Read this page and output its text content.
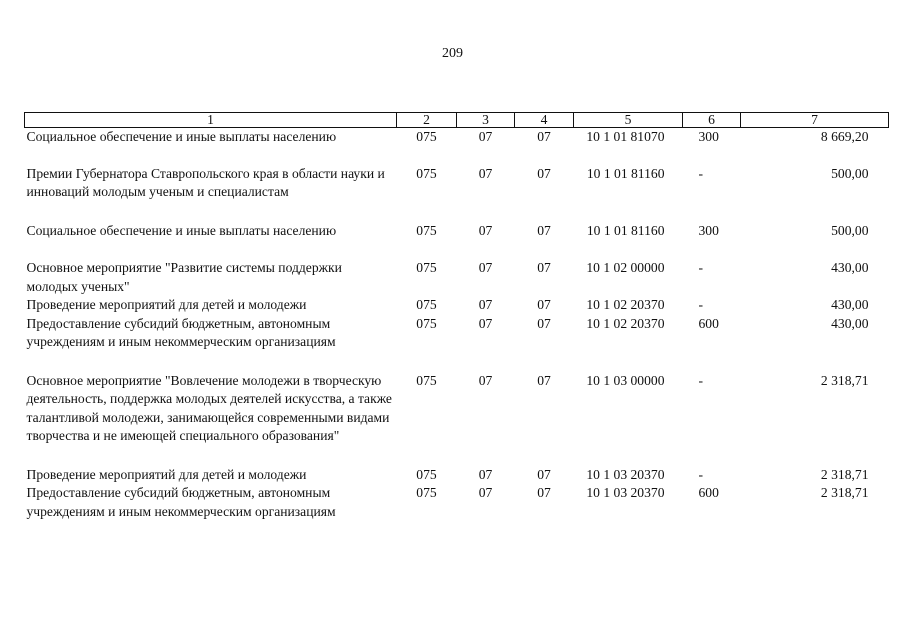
209
1	2	3	4	5	6	7
Социальное обеспечение и иные выплаты населению	075	07	07	10 1 01 81070	300	8 669,20
Премии Губернатора Ставропольского края в области науки и инноваций молодым ученым и специалистам	075	07	07	10 1 01 81160	-	500,00
Социальное обеспечение и иные выплаты населению	075	07	07	10 1 01 81160	300	500,00
Основное мероприятие "Развитие системы поддержки молодых ученых"	075	07	07	10 1 02 00000	-	430,00
Проведение мероприятий для детей и молодежи	075	07	07	10 1 02 20370	-	430,00
Предоставление субсидий бюджетным, автономным учреждениям и иным некоммерческим организациям	075	07	07	10 1 02 20370	600	430,00
Основное мероприятие "Вовлечение молодежи в творческую деятельность, поддержка молодых деятелей искусства, а также талантливой молодежи, занимающейся современными видами творчества и не имеющей специального образования"	075	07	07	10 1 03 00000	-	2 318,71
Проведение мероприятий для детей и молодежи	075	07	07	10 1 03 20370	-	2 318,71
Предоставление субсидий бюджетным, автономным учреждениям и иным некоммерческим организациям	075	07	07	10 1 03 20370	600	2 318,71
